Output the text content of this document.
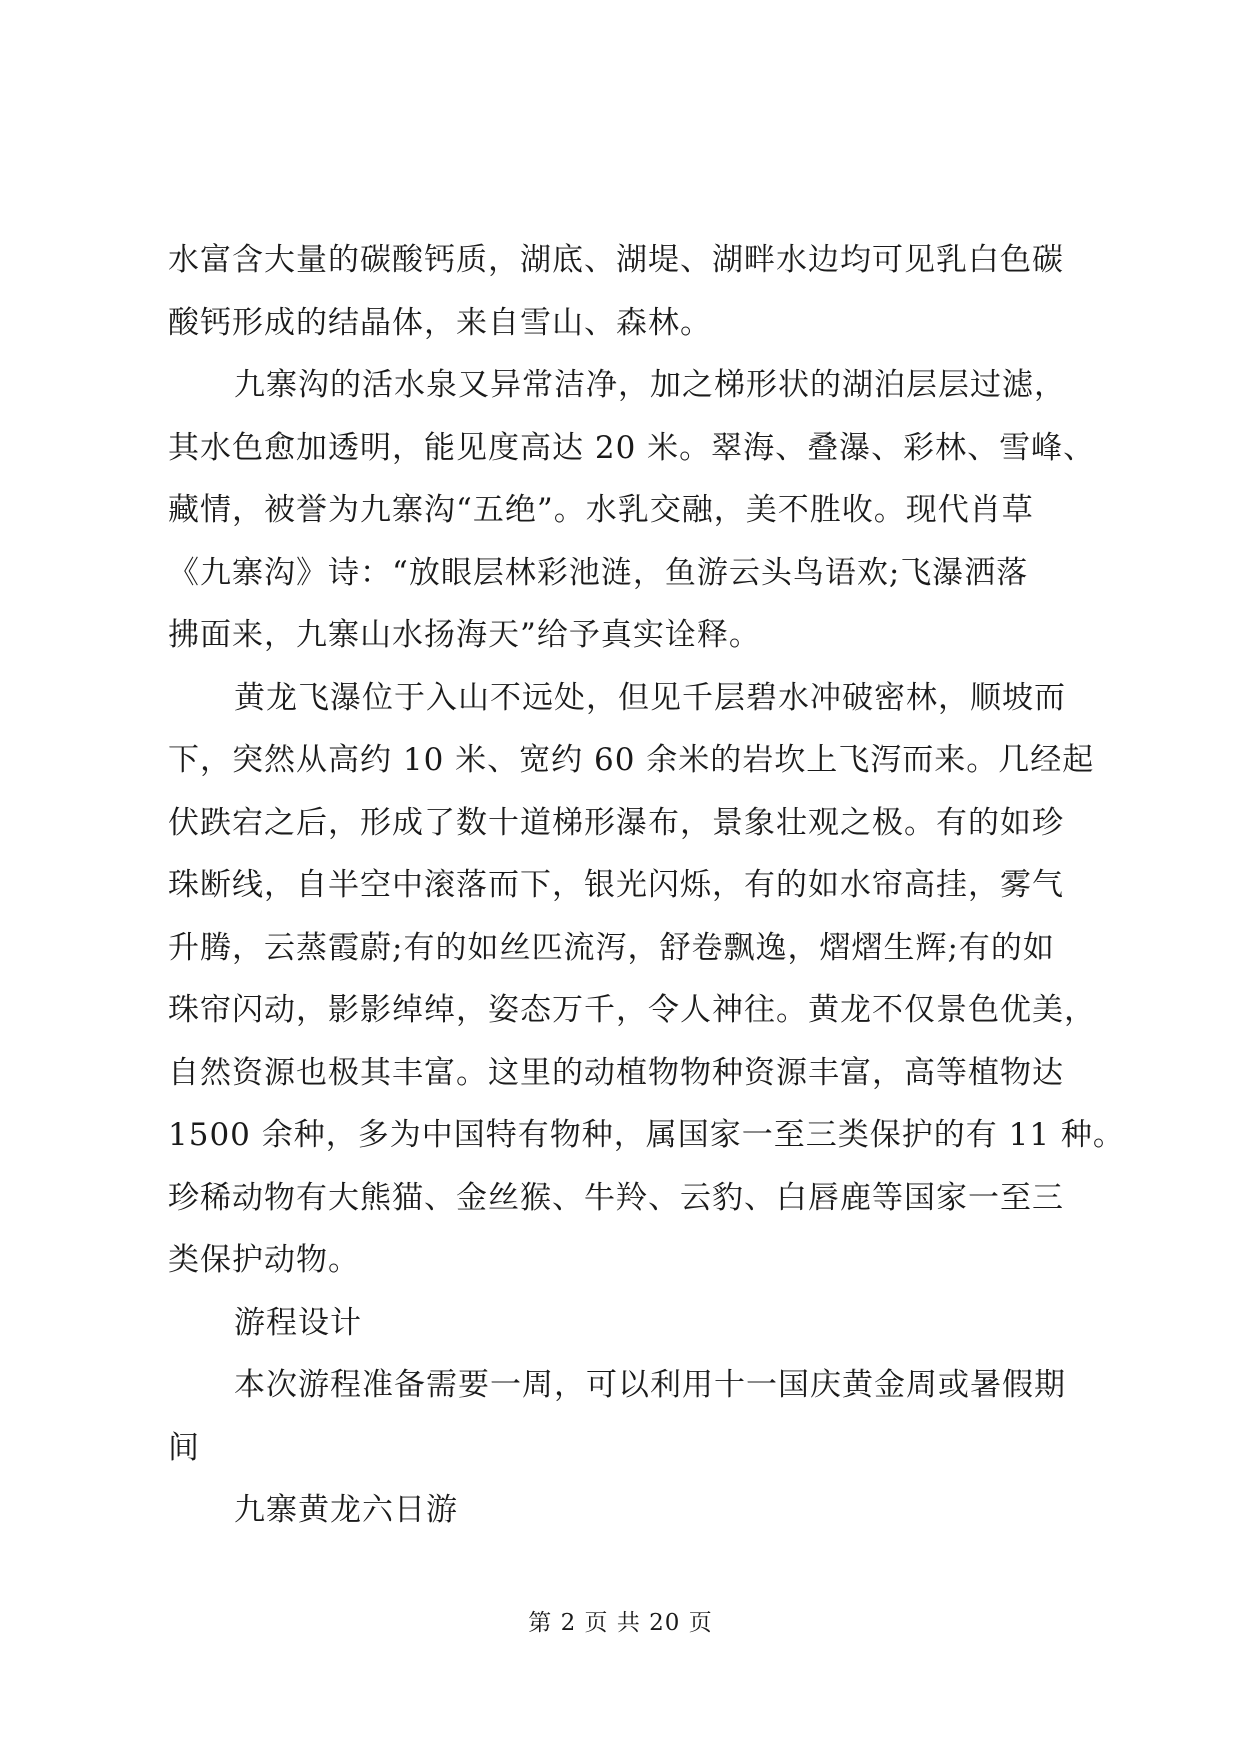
水富含大量的碳酸钙质，湖底、湖堤、湖畔水边均可见乳白色碳
酸钙形成的结晶体，来自雪山、森林。

九寨沟的活水泉又异常洁净，加之梯形状的湖泊层层过滤，
其水色愈加透明，能见度高达 20 米。翠海、叠瀑、彩林、雪峰、
藏情，被誉为九寨沟“五绝”。水乳交融，美不胜收。现代肖草
《九寨沟》诗：“放眼层林彩池涟，鱼游云头鸟语欢;飞瀑洒落
拂面来，九寨山水扬海天”给予真实诠释。

黄龙飞瀑位于入山不远处，但见千层碧水冲破密林，顺坡而
下，突然从高约 10 米、宽约 60 余米的岩坎上飞泻而来。几经起
伏跌宕之后，形成了数十道梯形瀑布，景象壮观之极。有的如珍
珠断线，自半空中滚落而下，银光闪烁，有的如水帘高挂，雾气
升腾，云蒸霞蔚;有的如丝匹流泻，舒卷飘逸，熠熠生辉;有的如
珠帘闪动，影影绰绰，姿态万千，令人神往。黄龙不仅景色优美，
自然资源也极其丰富。这里的动植物物种资源丰富，高等植物达
1500 余种，多为中国特有物种，属国家一至三类保护的有 11 种。
珍稀动物有大熊猫、金丝猴、牛羚、云豹、白唇鹿等国家一至三
类保护动物。

游程设计

本次游程准备需要一周，可以利用十一国庆黄金周或暑假期
间

九寨黄龙六日游

第 2 页 共 20 页
